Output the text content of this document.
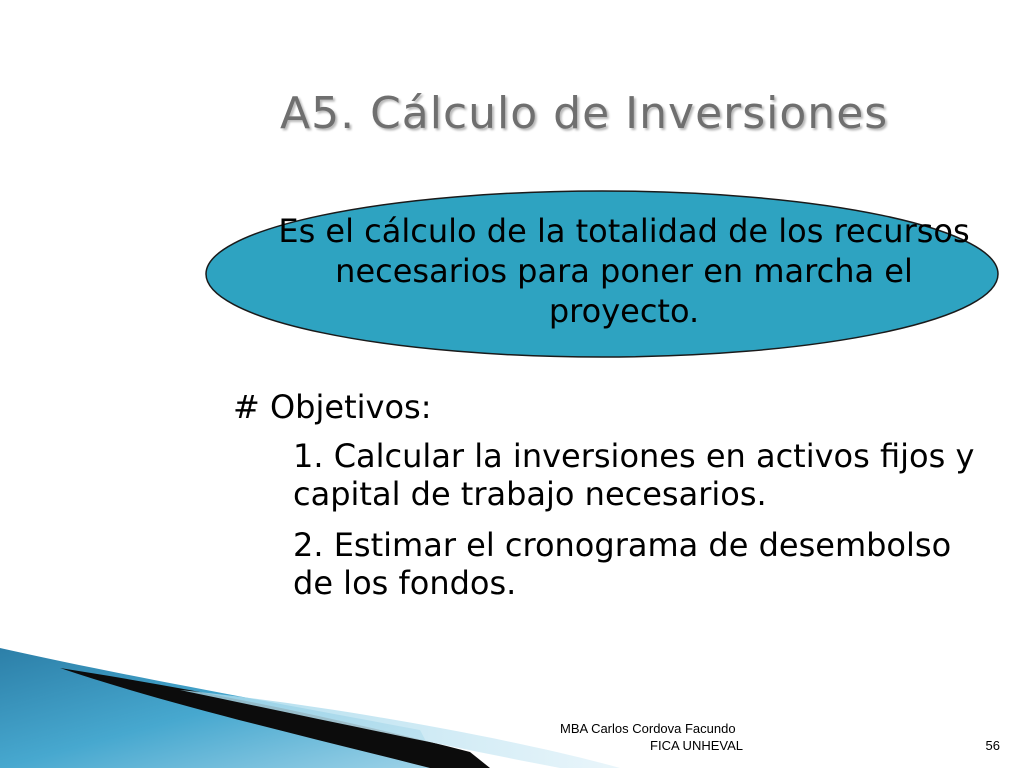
A5. Cálculo de Inversiones
Es el cálculo de la totalidad de los recursos necesarios para poner en marcha el proyecto.
# Objetivos:
1. Calcular la inversiones en activos fijos y capital de trabajo necesarios.
2. Estimar el cronograma de desembolso de los fondos.
MBA Carlos Cordova Facundo
FICA UNHEVAL	56
